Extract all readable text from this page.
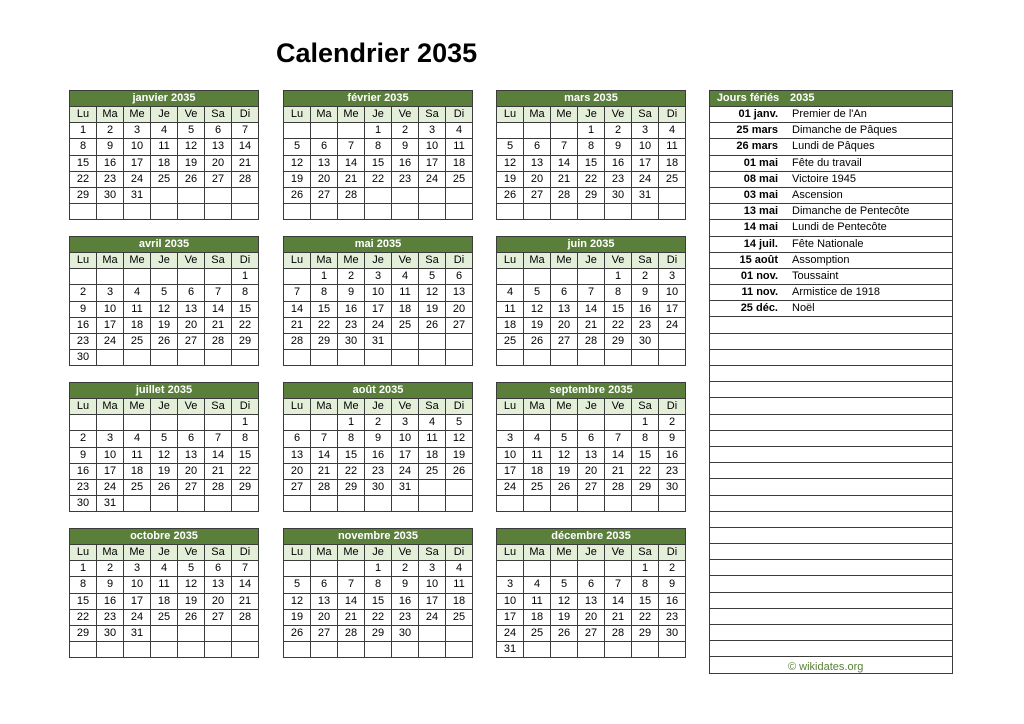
Calendrier 2035
janvier 2035						
Lu	Ma	Me	Je	Ve	Sa	Di
1	2	3	4	5	6	7
8	9	10	11	12	13	14
15	16	17	18	19	20	21
22	23	24	25	26	27	28
29	30	31				

février 2035						
Lu	Ma	Me	Je	Ve	Sa	Di
			1	2	3	4
5	6	7	8	9	10	11
12	13	14	15	16	17	18
19	20	21	22	23	24	25
26	27	28				

mars 2035						
Lu	Ma	Me	Je	Ve	Sa	Di
			1	2	3	4
5	6	7	8	9	10	11
12	13	14	15	16	17	18
19	20	21	22	23	24	25
26	27	28	29	30	31	

avril 2035						
Lu	Ma	Me	Je	Ve	Sa	Di
						1
2	3	4	5	6	7	8
9	10	11	12	13	14	15
16	17	18	19	20	21	22
23	24	25	26	27	28	29
30						
mai 2035						
Lu	Ma	Me	Je	Ve	Sa	Di
	1	2	3	4	5	6
7	8	9	10	11	12	13
14	15	16	17	18	19	20
21	22	23	24	25	26	27
28	29	30	31			

juin 2035						
Lu	Ma	Me	Je	Ve	Sa	Di
				1	2	3
4	5	6	7	8	9	10
11	12	13	14	15	16	17
18	19	20	21	22	23	24
25	26	27	28	29	30	

juillet 2035						
Lu	Ma	Me	Je	Ve	Sa	Di
						1
2	3	4	5	6	7	8
9	10	11	12	13	14	15
16	17	18	19	20	21	22
23	24	25	26	27	28	29
30	31					
août 2035						
Lu	Ma	Me	Je	Ve	Sa	Di
		1	2	3	4	5
6	7	8	9	10	11	12
13	14	15	16	17	18	19
20	21	22	23	24	25	26
27	28	29	30	31		

septembre 2035						
Lu	Ma	Me	Je	Ve	Sa	Di
					1	2
3	4	5	6	7	8	9
10	11	12	13	14	15	16
17	18	19	20	21	22	23
24	25	26	27	28	29	30

octobre 2035						
Lu	Ma	Me	Je	Ve	Sa	Di
1	2	3	4	5	6	7
8	9	10	11	12	13	14
15	16	17	18	19	20	21
22	23	24	25	26	27	28
29	30	31				

novembre 2035						
Lu	Ma	Me	Je	Ve	Sa	Di
			1	2	3	4
5	6	7	8	9	10	11
12	13	14	15	16	17	18
19	20	21	22	23	24	25
26	27	28	29	30		

décembre 2035						
Lu	Ma	Me	Je	Ve	Sa	Di
					1	2
3	4	5	6	7	8	9
10	11	12	13	14	15	16
17	18	19	20	21	22	23
24	25	26	27	28	29	30
31						
Jours fériés	2035
01 janv.	Premier de l'An
25 mars	Dimanche de Pâques
26 mars	Lundi de Pâques
01 mai	Fête du travail
08 mai	Victoire 1945
03 mai	Ascension
13 mai	Dimanche de Pentecôte
14 mai	Lundi de Pentecôte
14 juil.	Fête Nationale
15 août	Assomption
01 nov.	Toussaint
11 nov.	Armistice de 1918
25 déc.	Noël

© wikidates.org
